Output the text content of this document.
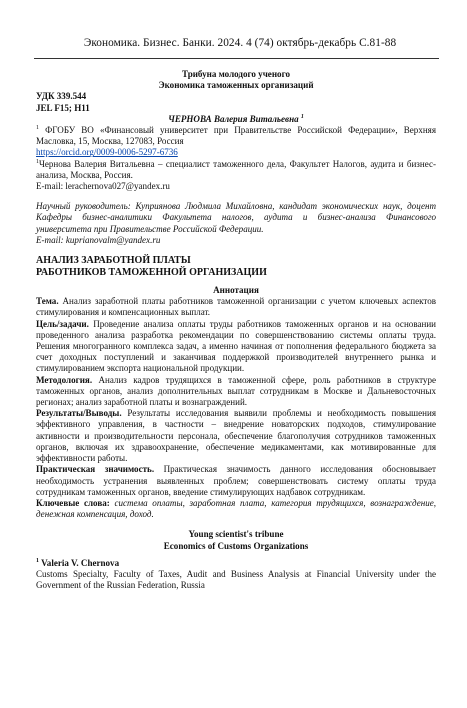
Экономика. Бизнес. Банки. 2024. 4 (74) октябрь-декабрь С.81-88
Трибуна молодого ученого
Экономика таможенных организаций
УДК 339.544
JEL F15; H11
ЧЕРНОВА Валерия Витальевна $^1$

$^1$ ФГОБУ ВО «Финансовый университет при Правительстве Российской Федерации», Верхняя Масловка, 15, Москва, 127083, Россия

https://orcid.org/0009-0006-5297-6736

$^1$Чернова Валерия Витальевна – специалист таможенного дела, Факультет Налогов, аудита и бизнес-анализа, Москва, Россия.

E-mail: lerachernova027@yandex.ru

Научный руководитель: Куприянова Людмила Михайловна, кандидат экономических наук, доцент Кафедры бизнес-аналитики Факультета налогов, аудита и бизнес-анализа Финансового университета при Правительстве Российской Федерации.

E-mail: kuprianovalm@yandex.ru
АНАЛИЗ ЗАРАБОТНОЙ ПЛАТЫ
РАБОТНИКОВ ТАМОЖЕННОЙ ОРГАНИЗАЦИИ
Аннотация

Тема. Анализ заработной платы работников таможенной организации с учетом ключевых аспектов стимулирования и компенсационных выплат.

Цель/задачи. Проведение анализа оплаты труды работников таможенных органов и на основании проведенного анализа разработка рекомендации по совершенствованию системы оплаты труда. Решения многогранного комплекса задач, а именно начиная от пополнения федерального бюджета за счет доходных поступлений и заканчивая поддержкой производителей внутреннего рынка и стимулированием экспорта национальной продукции.

Методология. Анализ кадров трудящихся в таможенной сфере, роль работников в структуре таможенных органов, анализ дополнительных выплат сотрудникам в Москве и Дальневосточных регионах; анализ заработной платы и вознаграждений.

Результаты/Выводы. Результаты исследования выявили проблемы и необходимость повышения эффективного управления, в частности – внедрение новаторских подходов, стимулирование активности и производительности персонала, обеспечение благополучия сотрудников таможенных органов, включая их здравоохранение, обеспечение медикаментами, как мотивированные для эффективности работы.

Практическая значимость. Практическая значимость данного исследования обосновывает необходимость устранения выявленных проблем; совершенствовать систему оплаты труда сотрудникам таможенных органов, введение стимулирующих надбавок сотрудникам.

Ключевые слова: система оплаты, заработная плата, категория трудящихся, вознаграждение, денежная компенсация, доход.

Young scientist's tribune
Economics of Customs Organizations
$^1$ Valeria V. Chernova

Customs Specialty, Faculty of Taxes, Audit and Business Analysis at Financial University under the Government of the Russian Federation, Russia
